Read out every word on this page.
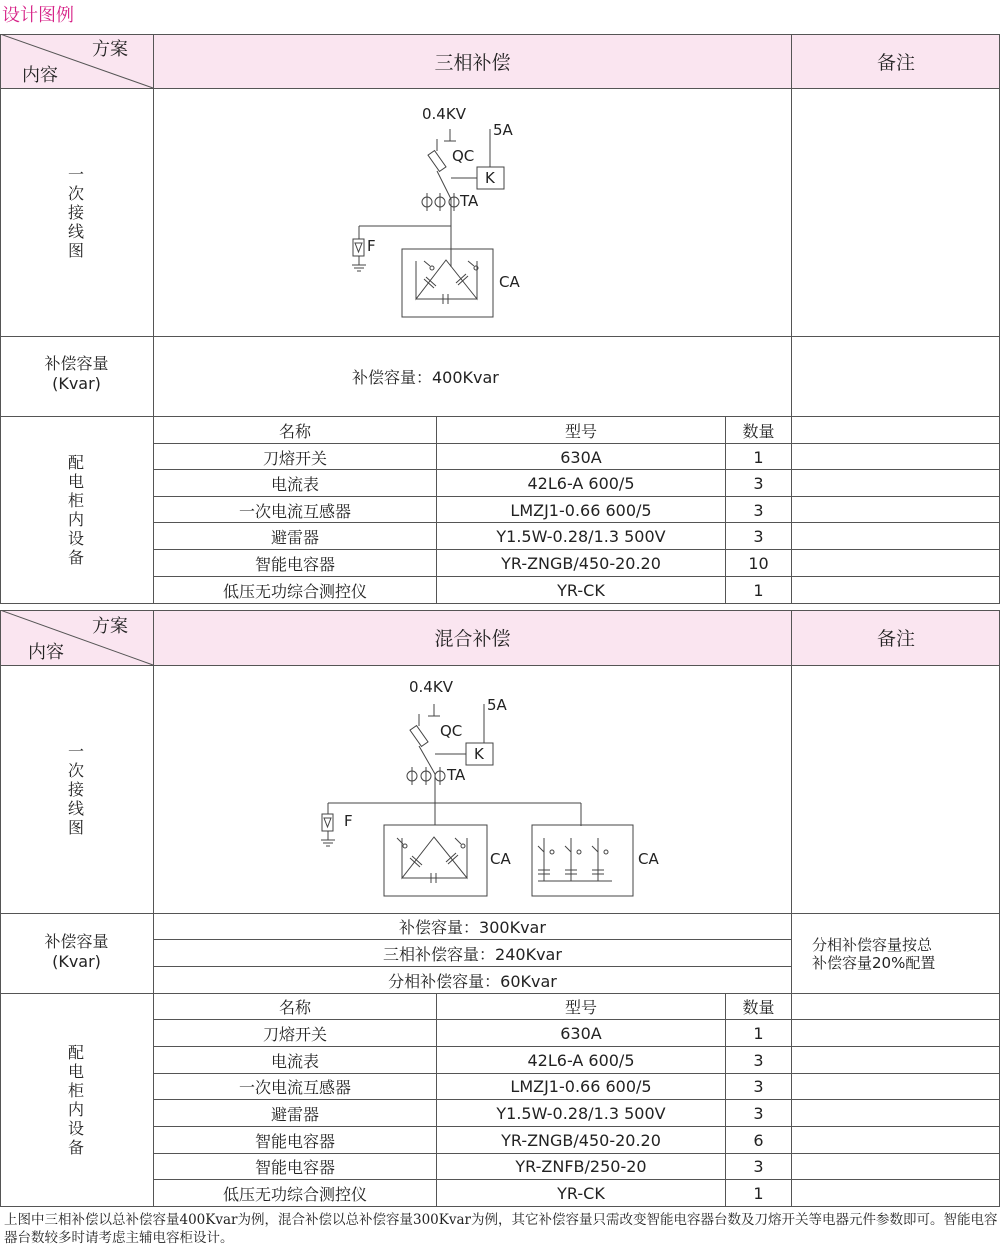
设计图例
方案
内容
三相补偿	备注
一次接线图
0.4KV
5A
QC
K
TA
F
CA
补偿容量
(Kvar)	补偿容量：400Kvar
配电柜内设备
名称	型号	数量
刀熔开关	630A	1
电流表	42L6-A 600/5	3
一次电流互感器	LMZJ1-0.66 600/5	3
避雷器	Y1.5W-0.28/1.3 500V	3
智能电容器	YR-ZNGB/450-20.20	10
低压无功综合测控仪	YR-CK	1
方案
内容
混合补偿	备注
一次接线图
0.4KV
5A
QC
K
TA
F
CA	CA
补偿容量
(Kvar)
补偿容量：300Kvar
三相补偿容量：240Kvar
分相补偿容量：60Kvar
分相补偿容量按总补偿容量20%配置
配电柜内设备
名称	型号	数量
刀熔开关	630A	1
电流表	42L6-A 600/5	3
一次电流互感器	LMZJ1-0.66 600/5	3
避雷器	Y1.5W-0.28/1.3 500V	3
智能电容器	YR-ZNGB/450-20.20	6
智能电容器	YR-ZNFB/250-20	3
低压无功综合测控仪	YR-CK	1
上图中三相补偿以总补偿容量400Kvar为例，混合补偿以总补偿容量300Kvar为例，其它补偿容量只需改变智能电容器台数及刀熔开关等电器元件参数即可。智能电容器台数较多时请考虑主辅电容柜设计。
